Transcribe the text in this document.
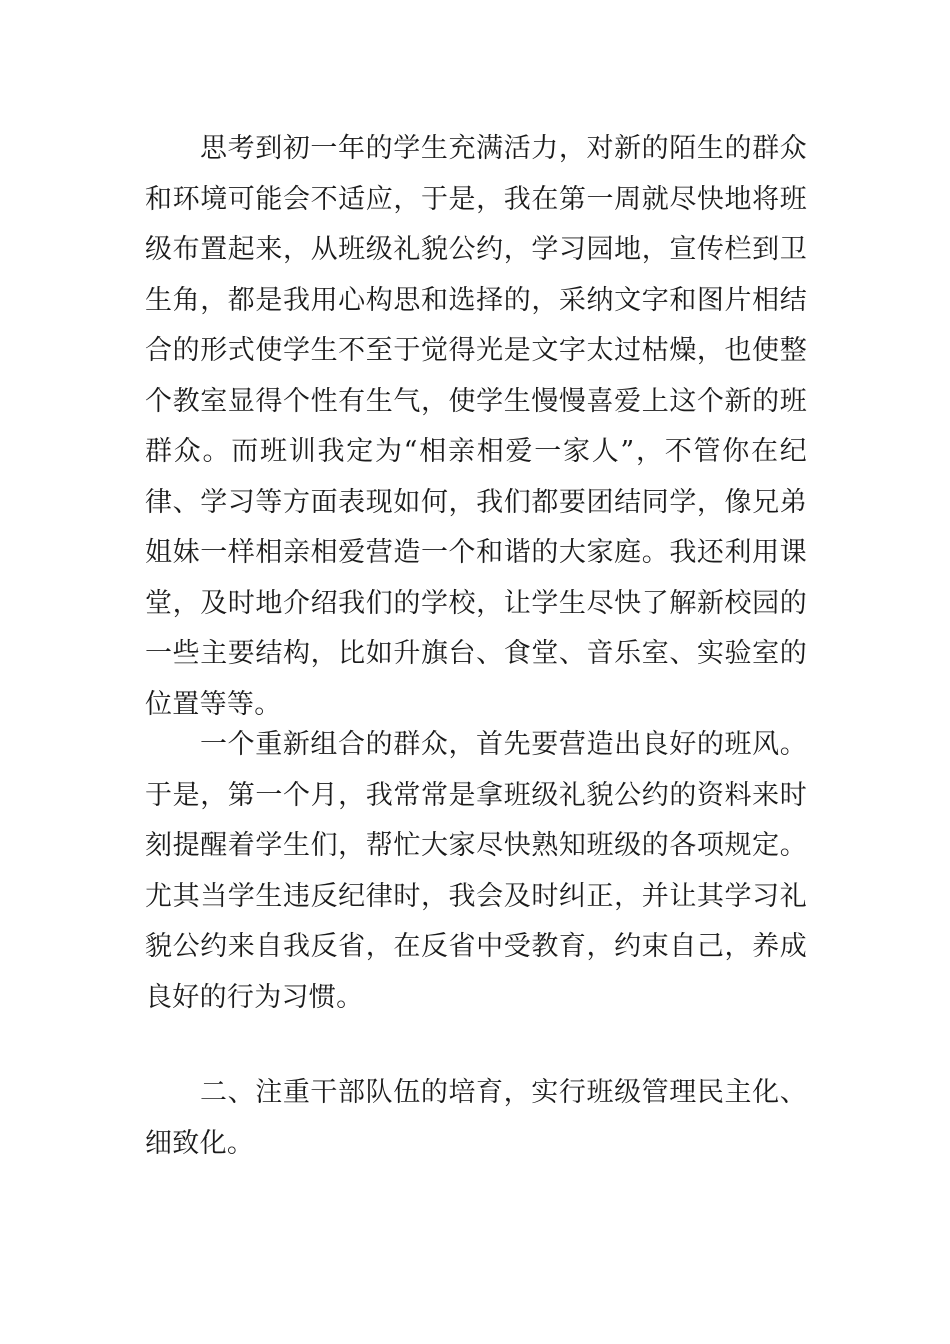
思考到初一年的学生充满活力，对新的陌生的群众和环境可能会不适应，于是，我在第一周就尽快地将班级布置起来，从班级礼貌公约，学习园地，宣传栏到卫生角，都是我用心构思和选择的，采纳文字和图片相结合的形式使学生不至于觉得光是文字太过枯燥，也使整个教室显得个性有生气，使学生慢慢喜爱上这个新的班群众。而班训我定为“相亲相爱一家人”，不管你在纪律、学习等方面表现如何，我们都要团结同学，像兄弟姐妹一样相亲相爱营造一个和谐的大家庭。我还利用课堂，及时地介绍我们的学校，让学生尽快了解新校园的一些主要结构，比如升旗台、食堂、音乐室、实验室的位置等等。

一个重新组合的群众，首先要营造出良好的班风。于是，第一个月，我常常是拿班级礼貌公约的资料来时刻提醒着学生们，帮忙大家尽快熟知班级的各项规定。尤其当学生违反纪律时，我会及时纠正，并让其学习礼貌公约来自我反省，在反省中受教育，约束自己，养成良好的行为习惯。

二、注重干部队伍的培育，实行班级管理民主化、细致化。
